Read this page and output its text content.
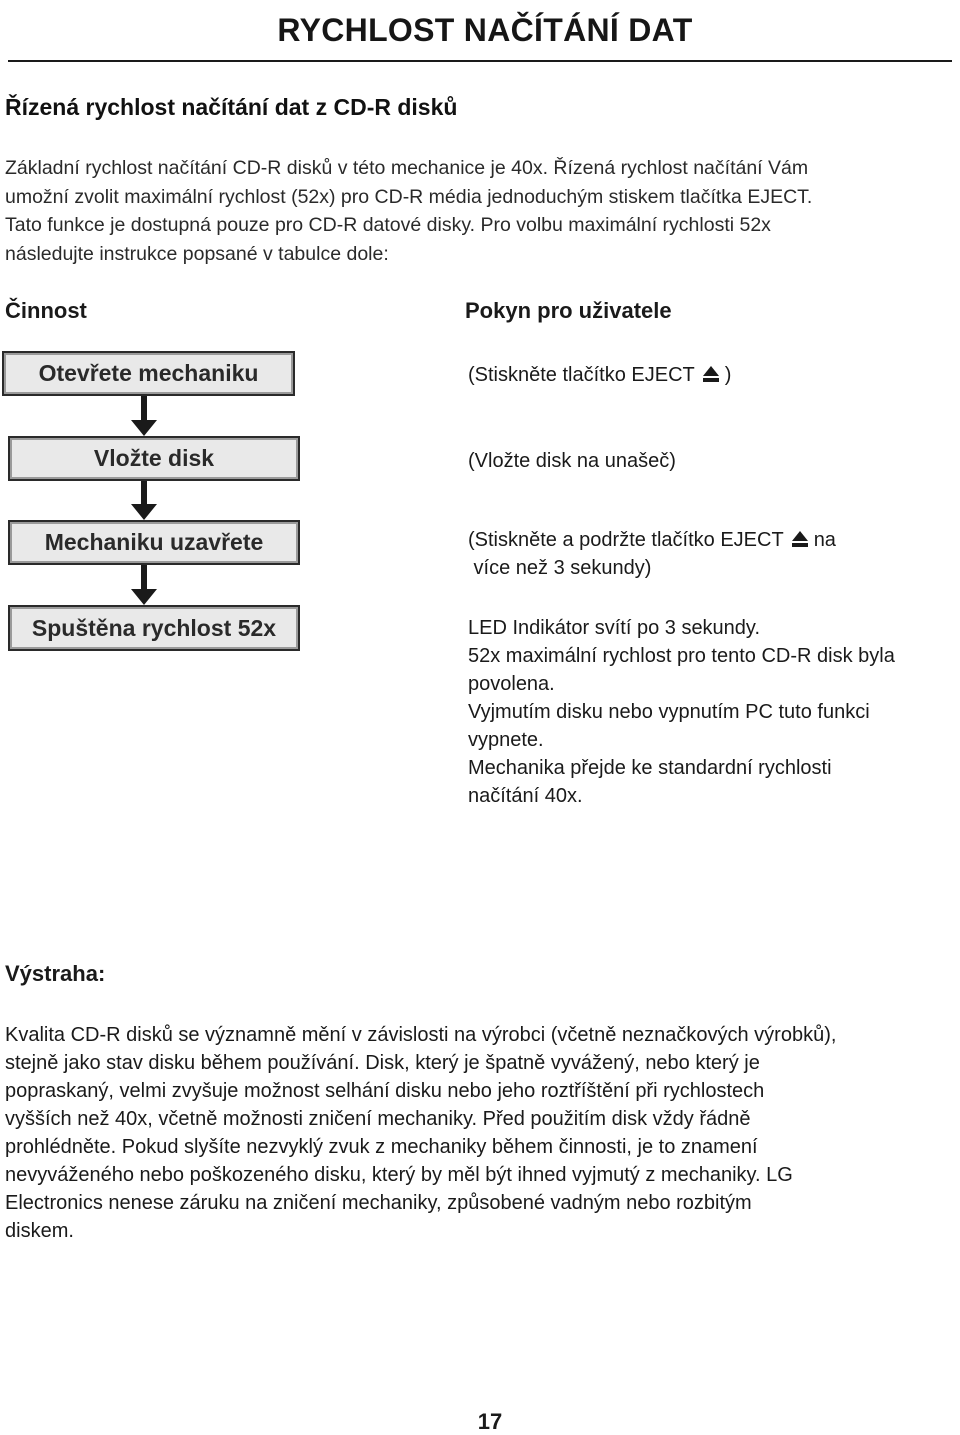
RYCHLOST NAČÍTÁNÍ DAT
Řízená rychlost načítání dat z CD-R disků

Základní rychlost načítání CD-R disků v této mechanice je 40x. Řízená rychlost načítání Vám

umožní zvolit maximální rychlost (52x) pro CD-R média jednoduchým stiskem tlačítka EJECT.

Tato funkce je dostupná pouze pro CD-R datové disky. Pro volbu maximální rychlosti 52x

následujte instrukce popsané v tabulce dole:

Činnost	Pokyn pro uživatele
Otevřete mechaniku
Vložte disk
Mechaniku uzavřete
Spuštěna rychlost 52x
(Stiskněte tlačítko EJECT )
(Vložte disk na unašeč)
(Stiskněte a podržte tlačítko EJECT na
více než 3 sekundy)
LED Indikátor svítí po 3 sekundy.
52x maximální rychlost pro tento CD-R disk byla
povolena.
Vyjmutím disku nebo vypnutím PC tuto funkci
vypnete.
Mechanika přejde ke standardní rychlosti
načítání 40x.
Výstraha:

Kvalita CD-R disků se významně mění v závislosti na výrobci (včetně neznačkových výrobků),

stejně jako stav disku během používání. Disk, který je špatně vyvážený, nebo který je

popraskaný, velmi zvyšuje možnost selhání disku nebo jeho roztříštění při rychlostech

vyšších než 40x, včetně možnosti zničení mechaniky. Před použitím disk vždy řádně

prohlédněte. Pokud slyšíte nezvyklý zvuk z mechaniky během činnosti, je to znamení

nevyváženého nebo poškozeného disku, který by měl být ihned vyjmutý z mechaniky. LG

Electronics nenese záruku na zničení mechaniky, způsobené vadným nebo rozbitým

diskem.

17
